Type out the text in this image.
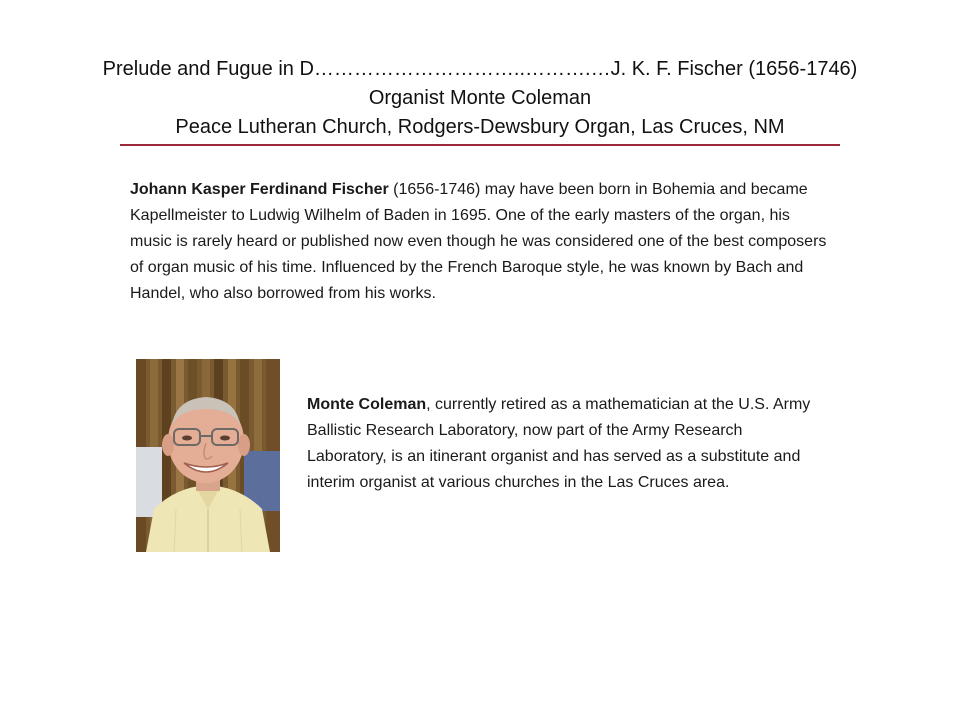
Prelude and Fugue in D…………………………..……….…J. K. F. Fischer (1656-1746)
Organist Monte Coleman
Peace Lutheran Church, Rodgers-Dewsbury Organ, Las Cruces, NM

Johann Kasper Ferdinand Fischer (1656-1746) may have been born in Bohemia and became Kapellmeister to Ludwig Wilhelm of Baden in 1695. One of the early masters of the organ, his music is rarely heard or published now even though he was considered one of the best composers of organ music of his time. Influenced by the French Baroque style, he was known by Bach and Handel, who also borrowed from his works.

Monte Coleman, currently retired as a mathematician at the U.S. Army Ballistic Research Laboratory, now part of the Army Research Laboratory, is an itinerant organist and has served as a substitute and interim organist at various churches in the Las Cruces area.
